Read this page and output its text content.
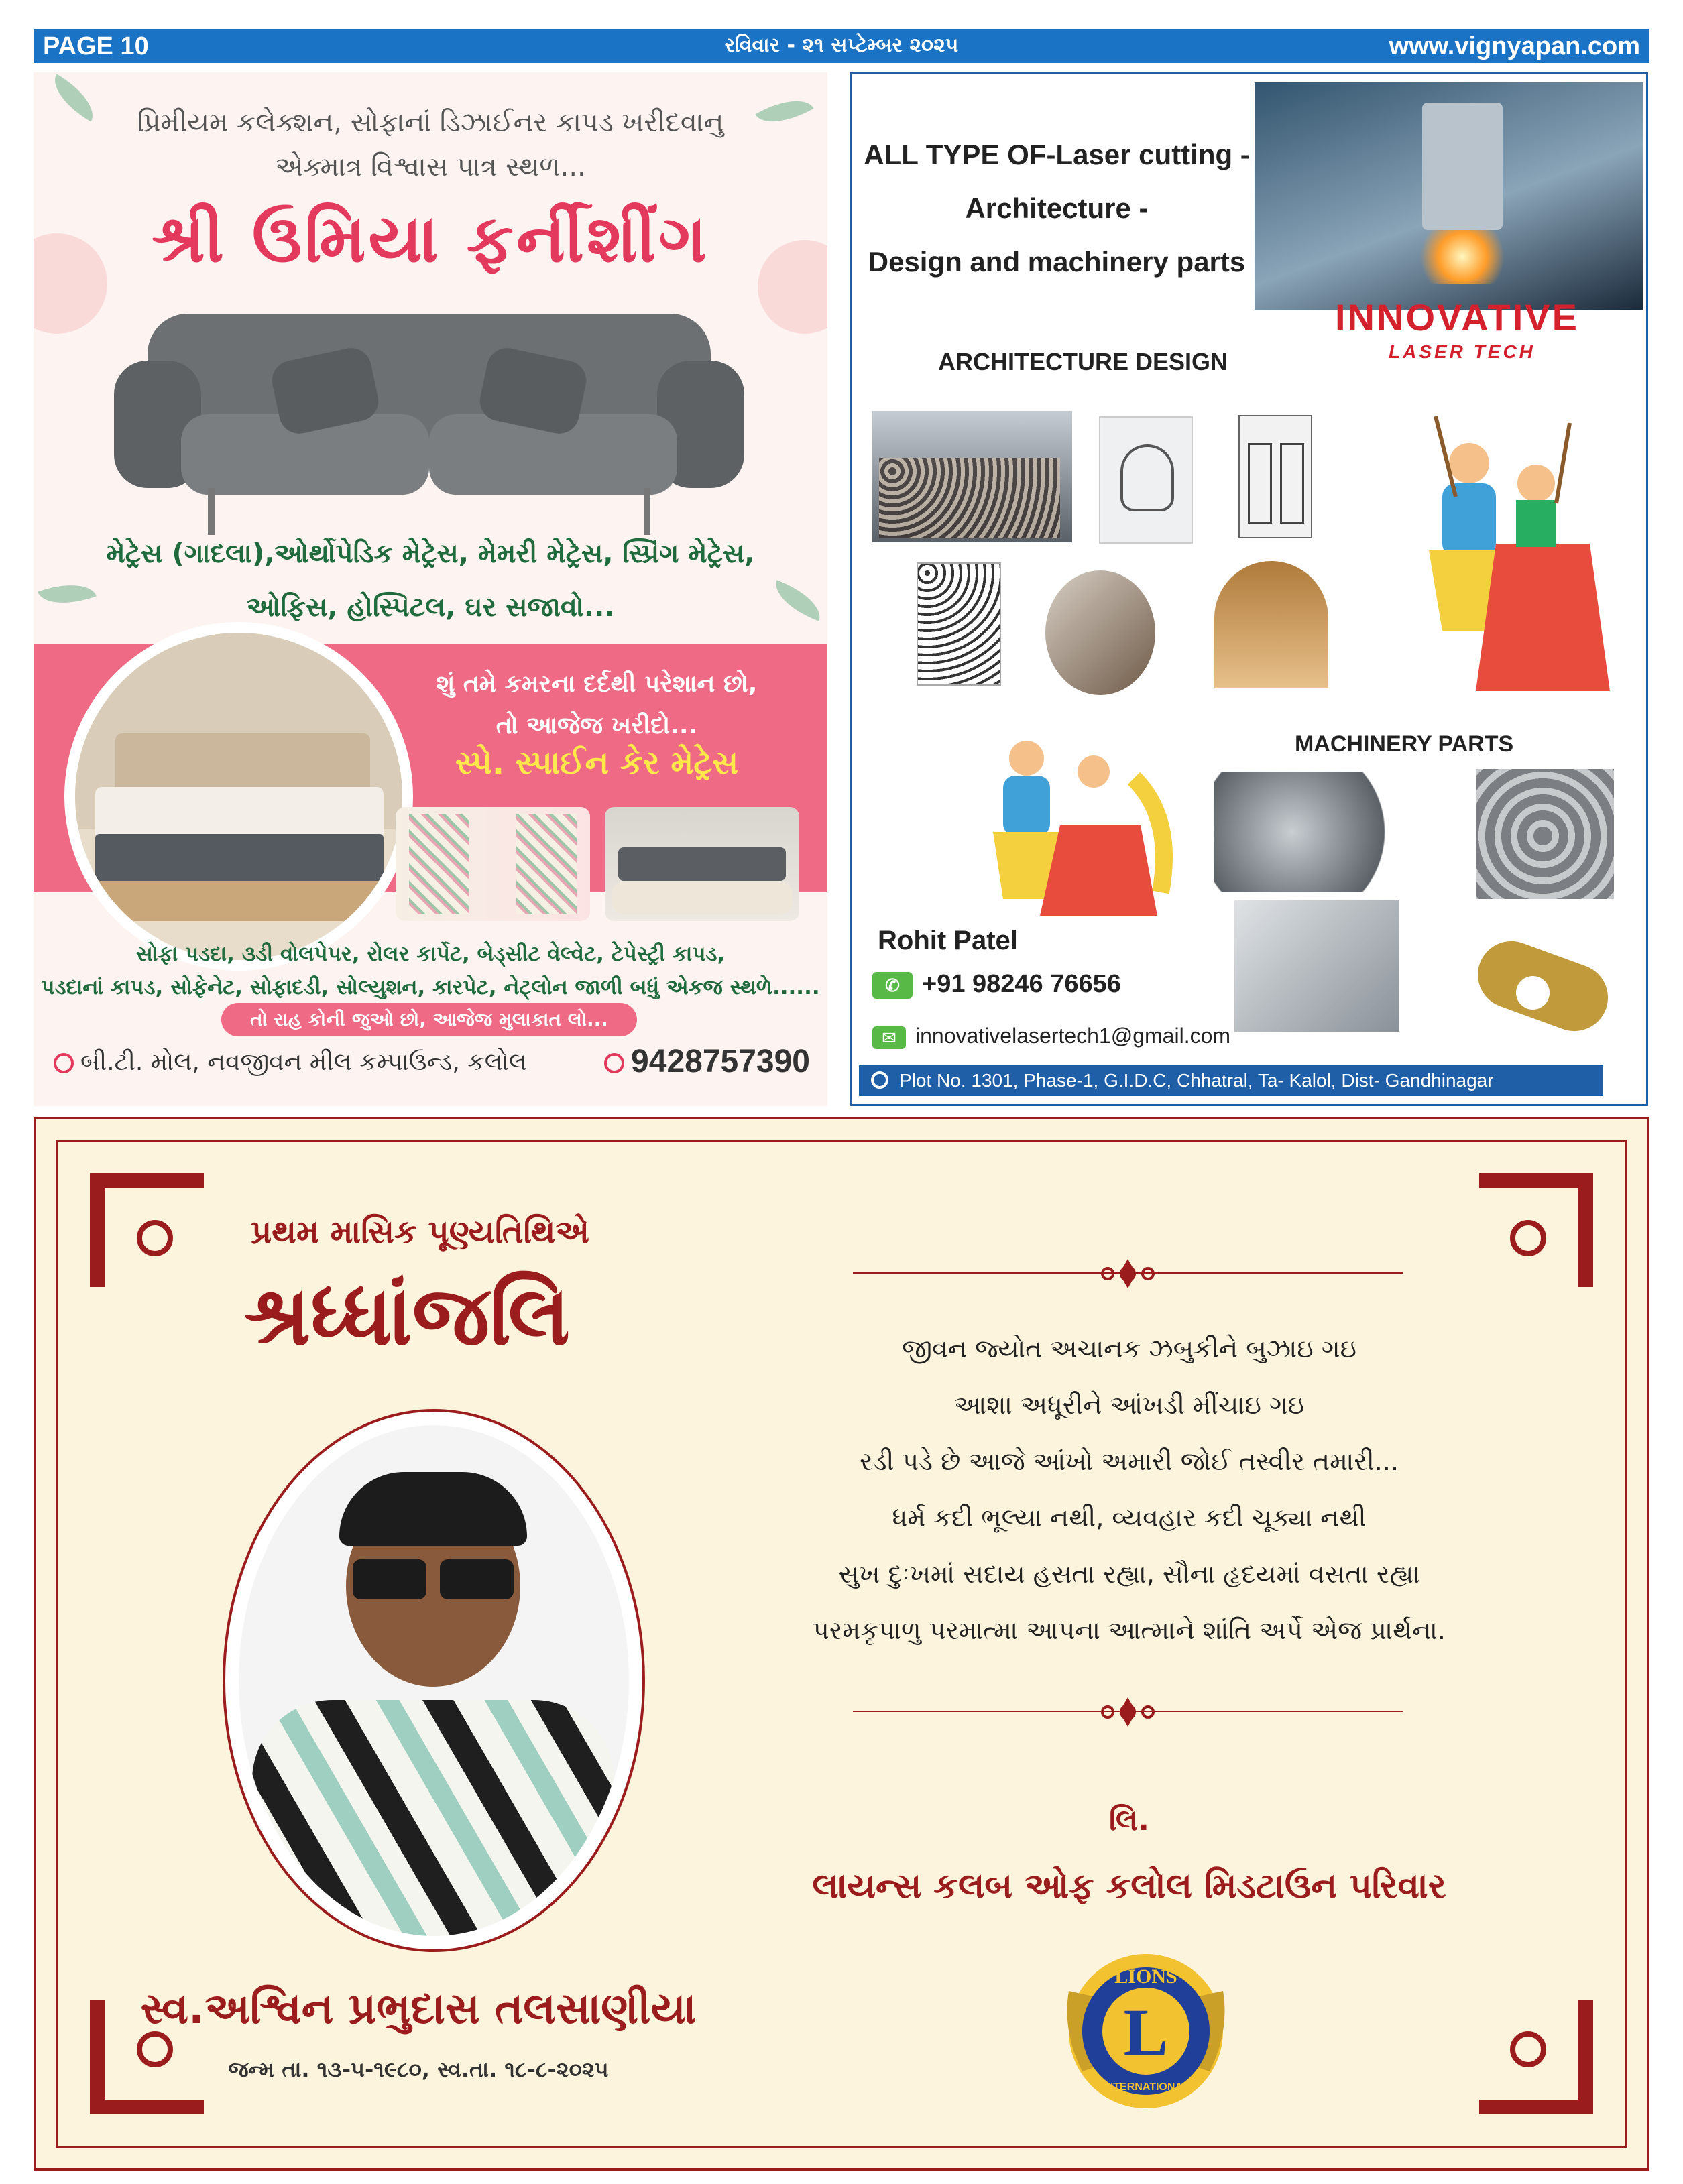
PAGE 10	રવિવાર - ૨૧ સપ્ટેમ્બર ૨૦૨૫	www.vignyapan.com
પ્રિમીયમ કલેક્શન, સોફાનાં ડિઝાઈનર કાપડ ખરીદવાનુ
એક્માત્ર વિશ્વાસ પાત્ર સ્થળ...
શ્રી ઉમિયા ફર્નીશીંગ
મેટ્રેસ (ગાદલા),ઓર્થોપેડિક મેટ્રેસ, મેમરી મેટ્રેસ, સ્પ્રિંગ મેટ્રેસ,
ઓફિસ, હોસ્પિટલ, ઘર સજાવો...
શું તમે કમરના દર્દથી પરેશાન છો,
તો આજેજ ખરીદો...
સ્પે. સ્પાઈન કેર મેટ્રેસ
સોફા પડદા, ૩ડી વોલપેપર, રોલર કાર્પેટ, બેડ્સીટ વેલ્વેટ, ટેપેસ્ટ્રી કાપડ,
પડદાનાં કાપડ, સોફેનેટ, સોફાદડી, સોલ્યુશન, કારપેટ, નેટ્લોન જાળી બધું એકજ સ્થળે......
તો રાહ કોની જુઓ છો, આજેજ મુલાકાત લો...
બી.ટી. મોલ, નવજીવન મીલ કમ્પાઉન્ડ, કલોલ	9428757390
ALL TYPE OF-Laser cutting -
Architecture -
Design and machinery parts
INNOVATIVE
LASER TECH
ARCHITECTURE DESIGN
MACHINERY PARTS
Rohit Patel
✆ +91 98246 76656
✉ innovativelasertech1@gmail.com
Plot No. 1301, Phase-1, G.I.D.C, Chhatral, Ta- Kalol, Dist- Gandhinagar
પ્રથમ માસિક પૂણ્યતિથિએ
શ્રધ્ધાંજલિ
સ્વ.અશ્વિન પ્રભુદાસ તલસાણીયા
જન્મ તા. ૧૩-૫-૧૯૮૦, સ્વ.તા. ૧૮-૮-૨૦૨૫
જીવન જ્યોત અચાનક ઝબુકીને બુઝાઇ ગઇ
આશા અધૂરીને આંખડી મીંચાઇ ગઇ
રડી પડે છે આજે આંખો અમારી જોઈ તસ્વીર તમારી...
ધર્મ કદી ભૂલ્યા નથી, વ્યવહાર કદી ચૂક્યા નથી
સુખ દુઃખમાં સદાય હસતા રહ્યા, સૌના હૃદયમાં વસતા રહ્યા
પરમકૃપાળુ પરમાત્મા આપના આત્માને શાંતિ અર્પે એજ પ્રાર્થના.
લિ.
લાયન્સ કલબ ઓફ કલોલ મિડટાઉન પરિવાર
L
LIONS
INTERNATIONAL
